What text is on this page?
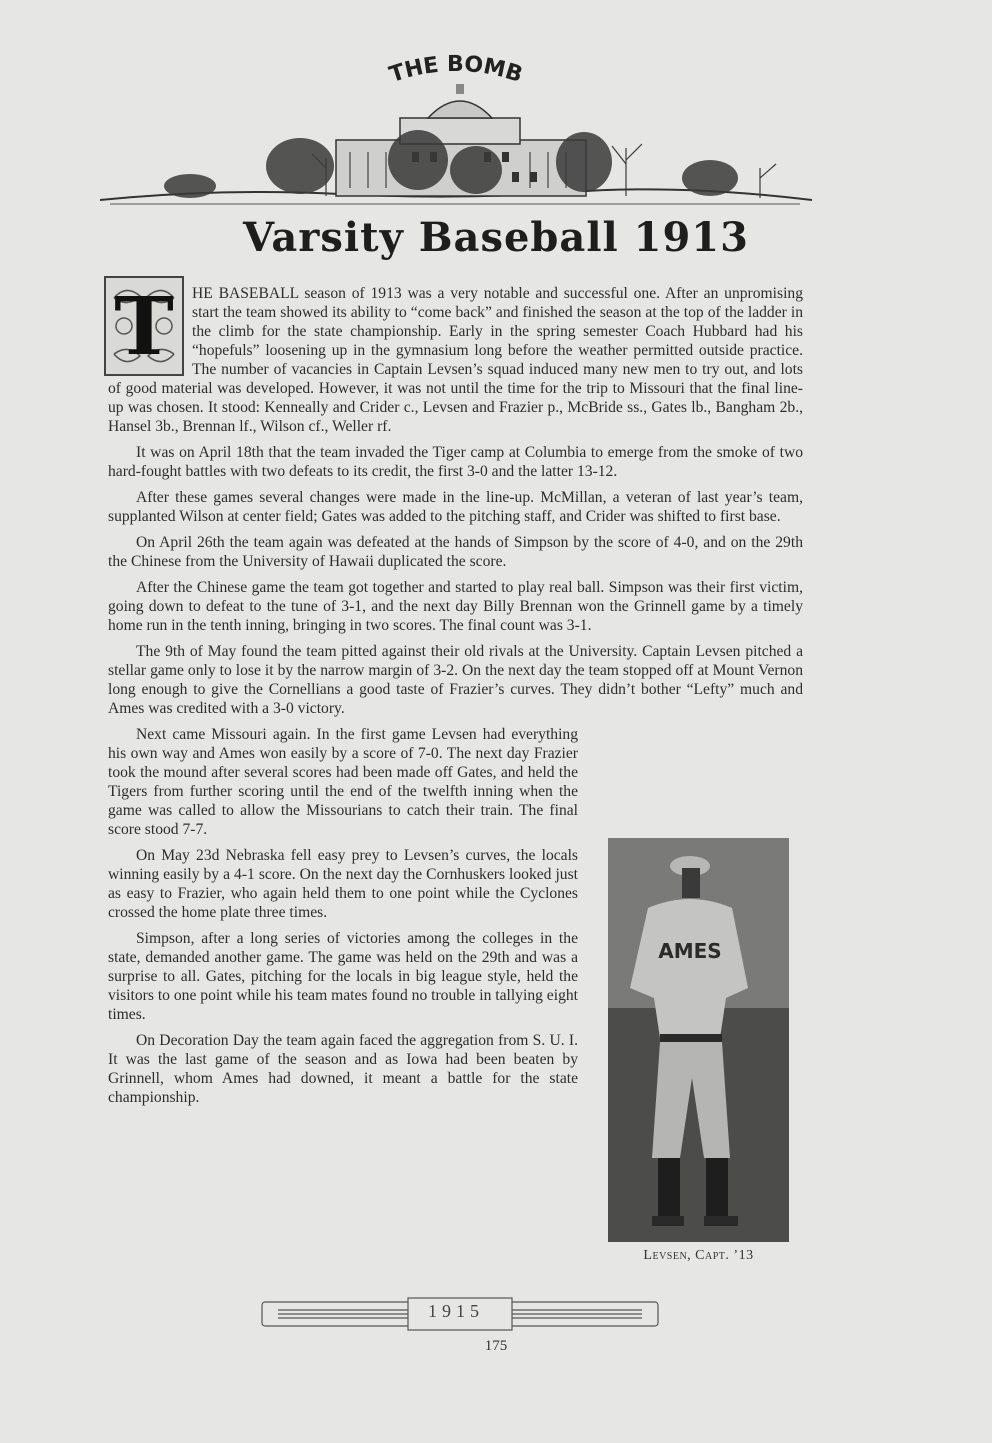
THE BOMB
Varsity Baseball 1913
AMES
Levsen, Capt. ’13

HE BASEBALL season of 1913 was a very notable and successful one. After an unpromising start the team showed its ability to “come back” and finished the season at the top of the ladder in the climb for the state championship. Early in the spring semester Coach Hubbard had his “hopefuls” loosening up in the gymnasium long before the weather permitted outside practice. The number of vacancies in Captain Levsen’s squad induced many new men to try out, and lots of good material was developed. However, it was not until the time for the trip to Missouri that the final line-up was chosen. It stood: Kenneally and Crider c., Levsen and Frazier p., McBride ss., Gates lb., Bangham 2b., Hansel 3b., Brennan lf., Wilson cf., Weller rf.

It was on April 18th that the team invaded the Tiger camp at Columbia to emerge from the smoke of two hard-fought battles with two defeats to its credit, the first 3-0 and the latter 13-12.

After these games several changes were made in the line-up. McMillan, a veteran of last year’s team, supplanted Wilson at center field; Gates was added to the pitching staff, and Crider was shifted to first base.

On April 26th the team again was defeated at the hands of Simpson by the score of 4-0, and on the 29th the Chinese from the University of Hawaii duplicated the score.

After the Chinese game the team got together and started to play real ball. Simpson was their first victim, going down to defeat to the tune of 3-1, and the next day Billy Brennan won the Grinnell game by a timely home run in the tenth inning, bringing in two scores. The final count was 3-1.

The 9th of May found the team pitted against their old rivals at the University. Captain Levsen pitched a stellar game only to lose it by the narrow margin of 3-2. On the next day the team stopped off at Mount Vernon long enough to give the Cornellians a good taste of Frazier’s curves. They didn’t bother “Lefty” much and Ames was credited with a 3-0 victory.

Next came Missouri again. In the first game Levsen had everything his own way and Ames won easily by a score of 7-0. The next day Frazier took the mound after several scores had been made off Gates, and held the Tigers from further scoring until the end of the twelfth inning when the game was called to allow the Missourians to catch their train. The final score stood 7-7.

On May 23d Nebraska fell easy prey to Levsen’s curves, the locals winning easily by a 4-1 score. On the next day the Cornhuskers looked just as easy to Frazier, who again held them to one point while the Cyclones crossed the home plate three times.

Simpson, after a long series of victories among the colleges in the state, demanded another game. The game was held on the 29th and was a surprise to all. Gates, pitching for the locals in big league style, held the visitors to one point while his team mates found no trouble in tallying eight times.

On Decoration Day the team again faced the aggregation from S. U. I. It was the last game of the season and as Iowa had been beaten by Grinnell, whom Ames had downed, it meant a battle for the state championship.

T
1915
175
